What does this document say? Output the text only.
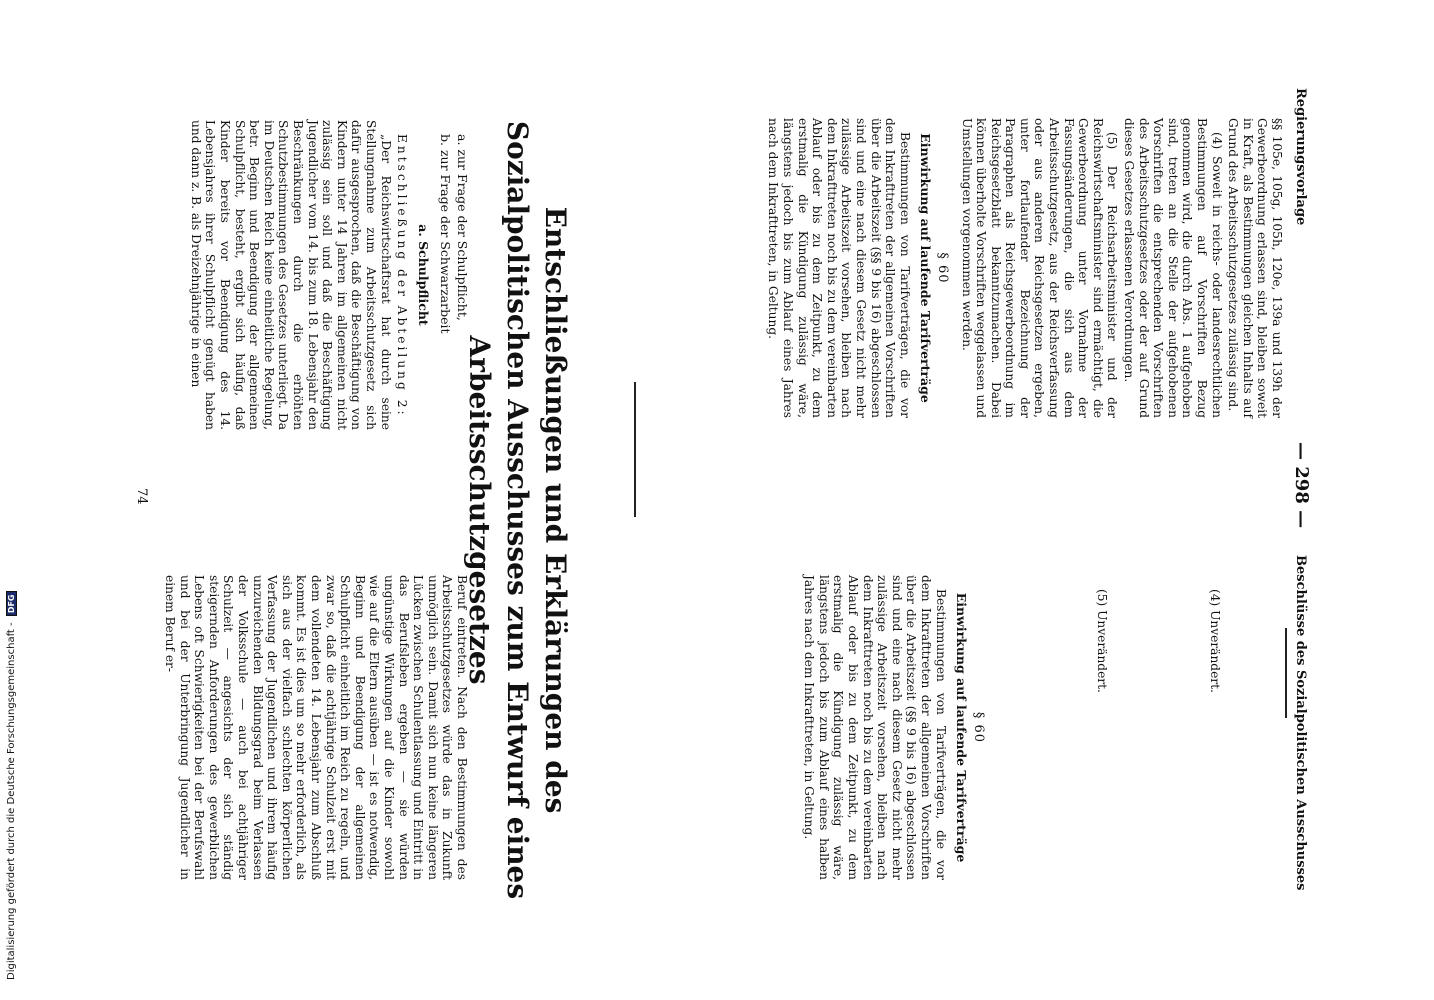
Regierungsvorlage
— 298 —
Beschlüsse des Sozialpolitischen Ausschusses

§§ 105e, 105g, 105h, 120e, 139a und 139h der Gewerbeordnung erlassen sind, bleiben soweit in Kraft, als Bestimmungen gleichen Inhalts auf Grund des Arbeitsschutzgesetzes zulässig sind.

(4) Soweit in reichs- oder landesrechtlichen Bestimmungen auf Vorschriften Bezug genommen wird, die durch Abs. 1 aufgehoben sind, treten an die Stelle der aufgehobenen Vorschriften die entsprechenden Vorschriften des Arbeitsschutzgesetzes oder der auf Grund dieses Gesetzes erlassenen Verordnungen.

(5) Der Reichsarbeitsminister und der Reichswirtschaftsminister sind ermächtigt, die Gewerbeordnung unter Vornahme der Fassungsänderungen, die sich aus dem Arbeitsschutzgesetz, aus der Reichsverfassung oder aus anderen Reichsgesetzen ergeben, unter fortlaufender Bezeichnung der Paragraphen als Reichsgewerbeordnung im Reichsgesetzblatt bekanntzumachen. Dabei können überholte Vorschriften weggelassen und Umstellungen vorgenommen werden.

§ 60
Einwirkung auf laufende Tarifverträge

Bestimmungen von Tarifverträgen, die vor dem Inkrafttreten der allgemeinen Vorschriften über die Arbeitszeit (§§ 9 bis 16) abgeschlossen sind und eine nach diesem Gesetz nicht mehr zulässige Arbeitszeit vorsehen, bleiben nach dem Inkrafttreten noch bis zu dem vereinbarten Ablauf oder bis zu dem Zeitpunkt, zu dem erstmalig die Kündigung zulässig wäre, längstens jedoch bis zum Ablauf eines Jahres nach dem Inkrafttreten, in Geltung.

(4) Unverändert.

(5) Unverändert.

§ 60
Einwirkung auf laufende Tarifverträge

Bestimmungen von Tarifverträgen, die vor dem Inkrafttreten der allgemeinen Vorschriften über die Arbeitszeit (§§ 9 bis 16) abgeschlossen sind und eine nach diesem Gesetz nicht mehr zulässige Arbeitszeit vorsehen, bleiben nach dem Inkrafttreten noch bis zu dem vereinbarten Ablauf oder bis zu dem Zeitpunkt, zu dem erstmalig die Kündigung zulässig wäre, längstens jedoch bis zum Ablauf eines halben Jahres nach dem Inkrafttreten, in Geltung.

Entschließungen und Erklärungen des Sozialpolitischen Ausschusses zum Entwurf eines Arbeitsschutzgesetzes

a. zur Frage der Schulpflicht,

b. zur Frage der Schwarzarbeit

a. Schulpflicht

Entschließung der Abteilung 2:

„Der Reichswirtschaftsrat hat durch seine Stellungnahme zum Arbeitsschutzgesetz sich dafür ausgesprochen, daß die Beschäftigung von Kindern unter 14 Jahren im allgemeinen nicht zulässig sein soll und daß die Beschäftigung Jugendlicher vom 14. bis zum 18. Lebensjahr den Beschränkungen durch die erhöhten Schutzbestimmungen des Gesetzes unterliegt. Da im Deutschen Reich keine einheitliche Regelung, betr. Beginn und Beendigung der allgemeinen Schulpflicht, besteht, ergibt sich häufig, daß Kinder bereits vor Beendigung des 14. Lebensjahres ihrer Schulpflicht genügt haben und dann z. B. als Dreizehnjährige in einen

Beruf eintreten. Nach den Bestimmungen des Arbeitsschutzgesetzes würde das in Zukunft unmöglich sein. Damit sich nun keine längeren Lücken zwischen Schulentlassung und Eintritt in das Berufsleben ergeben — sie würden ungünstige Wirkungen auf die Kinder sowohl wie auf die Eltern ausüben — ist es notwendig, Beginn und Beendigung der allgemeinen Schulpflicht einheitlich im Reich zu regeln, und zwar so, daß die achtjährige Schulzeit erst mit dem vollendeten 14. Lebensjahr zum Abschluß kommt. Es ist dies um so mehr erforderlich, als sich aus der vielfach schlechten körperlichen Verfassung der Jugendlichen und ihrem häufig unzureichenden Bildungsgrad beim Verlassen der Volksschule — auch bei achtjähriger Schulzeit — angesichts der sich ständig steigernden Anforderungen des gewerblichen Lebens oft Schwierigkeiten bei der Berufswahl und bei der Unterbringung Jugendlicher in einem Beruf er-

74
Digitalisierung gefördert durch die Deutsche Forschungsgemeinschaft - DFG
